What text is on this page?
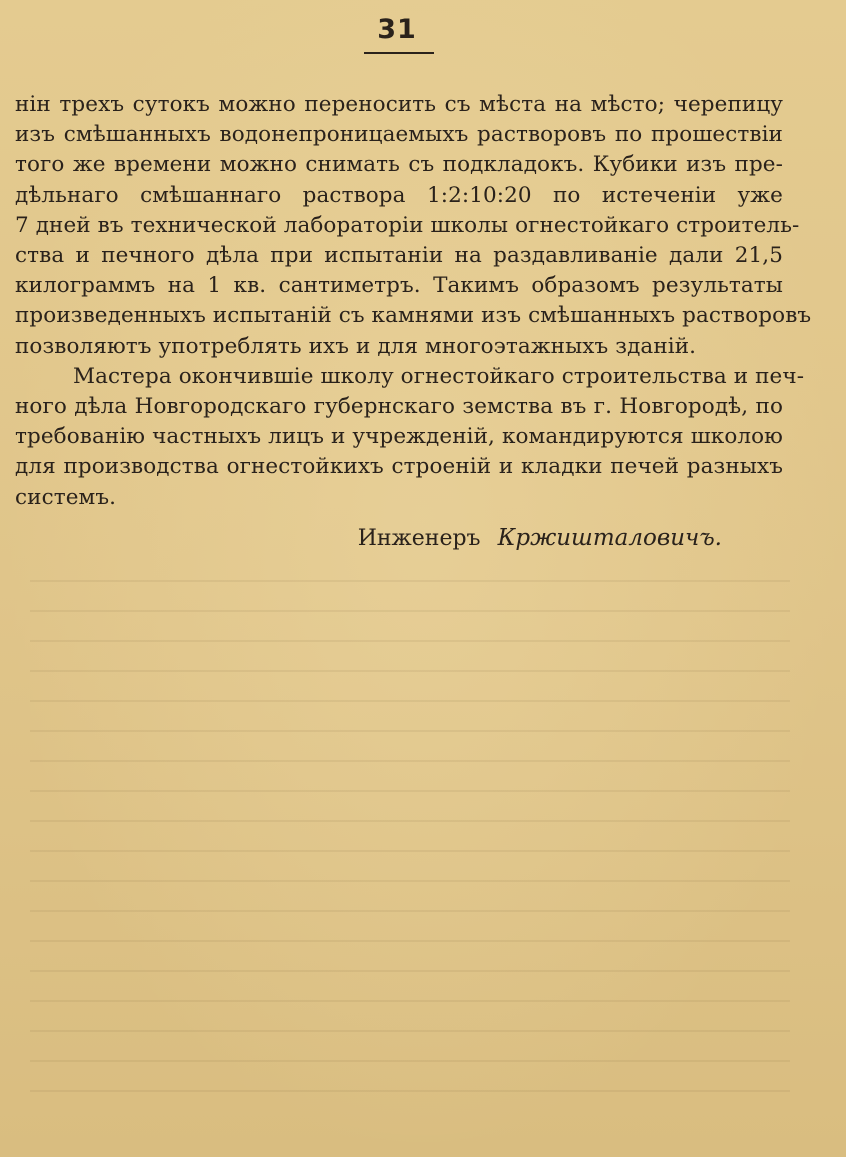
31
нін трехъ сутокъ можно переносить съ мѣста на мѣсто; черепицу
изъ смѣшанныхъ водонепроницаемыхъ растворовъ по прошествіи
того же времени можно снимать съ подкладокъ. Кубики изъ пре-
дѣльнаго смѣшаннаго раствора 1:2:10:20 по истеченіи уже
7 дней въ технической лабораторіи школы огнестойкаго строитель-
ства и печного дѣла при испытаніи на раздавливаніе дали 21,5
килограммъ на 1 кв. сантиметръ. Такимъ образомъ результаты
произведенныхъ испытаній съ камнями изъ смѣшанныхъ растворовъ
позволяютъ употреблять ихъ и для многоэтажныхъ зданій.
Мастера окончившіе школу огнестойкаго строительства и печ-
ного дѣла Новгородскаго губернскаго земства въ г. Новгородѣ, по
требованію частныхъ лицъ и учрежденій, командируются школою
для производства огнестойкихъ строеній и кладки печей разныхъ
системъ.
Инженеръ Кржиштaловичъ.
